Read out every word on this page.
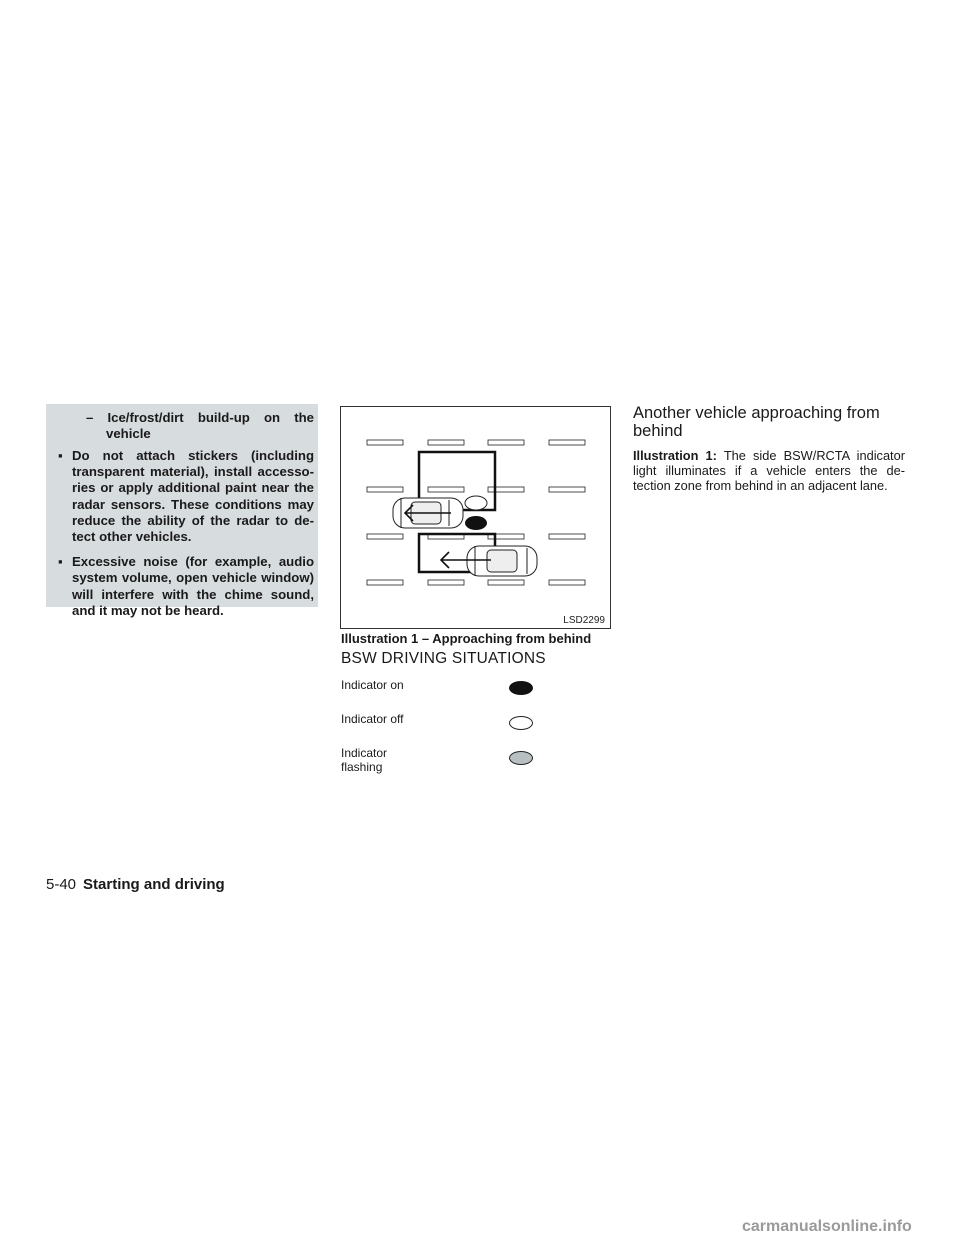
– Ice/frost/dirt build-up on the vehicle
▪ Do not attach stickers (including transparent material), install accesso- ries or apply additional paint near the radar sensors. These conditions may reduce the ability of the radar to de- tect other vehicles.
▪ Excessive noise (for example, audio system volume, open vehicle window) will interfere with the chime sound, and it may not be heard.
LSD2299
Illustration 1 – Approaching from behind
BSW DRIVING SITUATIONS
Indicator on
Indicator off
Indicator flashing
Another vehicle approaching from behind
Illustration 1: The side BSW/RCTA indicator light illuminates if a vehicle enters the de- tection zone from behind in an adjacent lane.
5-40 Starting and driving
carmanualsonline.info
